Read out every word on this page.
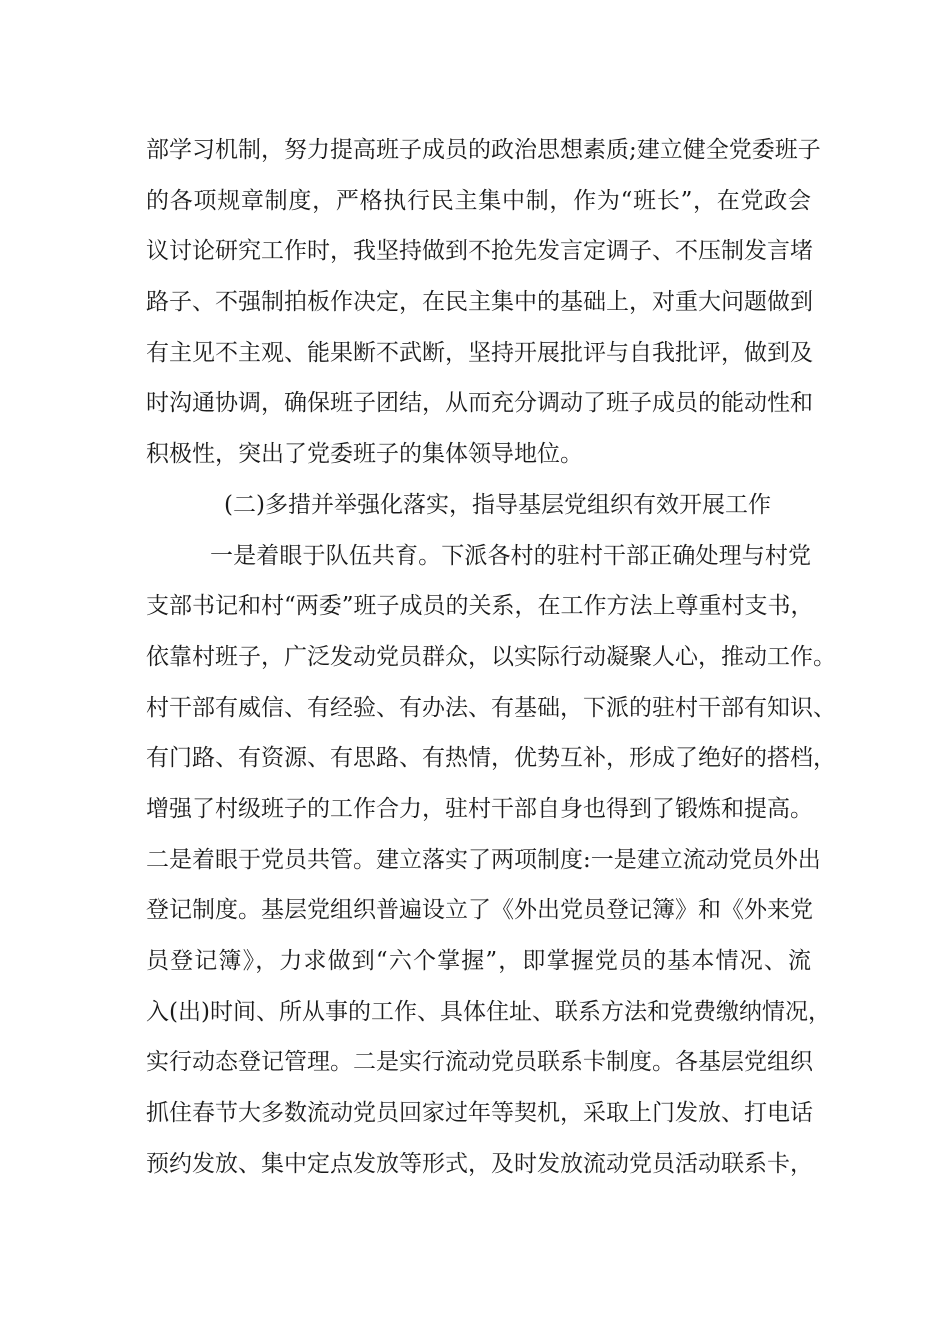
部学习机制，努力提高班子成员的政治思想素质;建立健全党委班子
的各项规章制度，严格执行民主集中制，作为“班长”，在党政会
议讨论研究工作时，我坚持做到不抢先发言定调子、不压制发言堵
路子、不强制拍板作决定，在民主集中的基础上，对重大问题做到
有主见不主观、能果断不武断，坚持开展批评与自我批评，做到及
时沟通协调，确保班子团结，从而充分调动了班子成员的能动性和
积极性，突出了党委班子的集体领导地位。
(二)多措并举强化落实，指导基层党组织有效开展工作
一是着眼于队伍共育。下派各村的驻村干部正确处理与村党
支部书记和村“两委”班子成员的关系，在工作方法上尊重村支书，
依靠村班子，广泛发动党员群众，以实际行动凝聚人心，推动工作。
村干部有威信、有经验、有办法、有基础，下派的驻村干部有知识、
有门路、有资源、有思路、有热情，优势互补，形成了绝好的搭档，
增强了村级班子的工作合力，驻村干部自身也得到了锻炼和提高。
二是着眼于党员共管。建立落实了两项制度:一是建立流动党员外出
登记制度。基层党组织普遍设立了《外出党员登记簿》和《外来党
员登记簿》，力求做到“六个掌握”，即掌握党员的基本情况、流
入(出)时间、所从事的工作、具体住址、联系方法和党费缴纳情况，
实行动态登记管理。二是实行流动党员联系卡制度。各基层党组织
抓住春节大多数流动党员回家过年等契机，采取上门发放、打电话
预约发放、集中定点发放等形式，及时发放流动党员活动联系卡，
